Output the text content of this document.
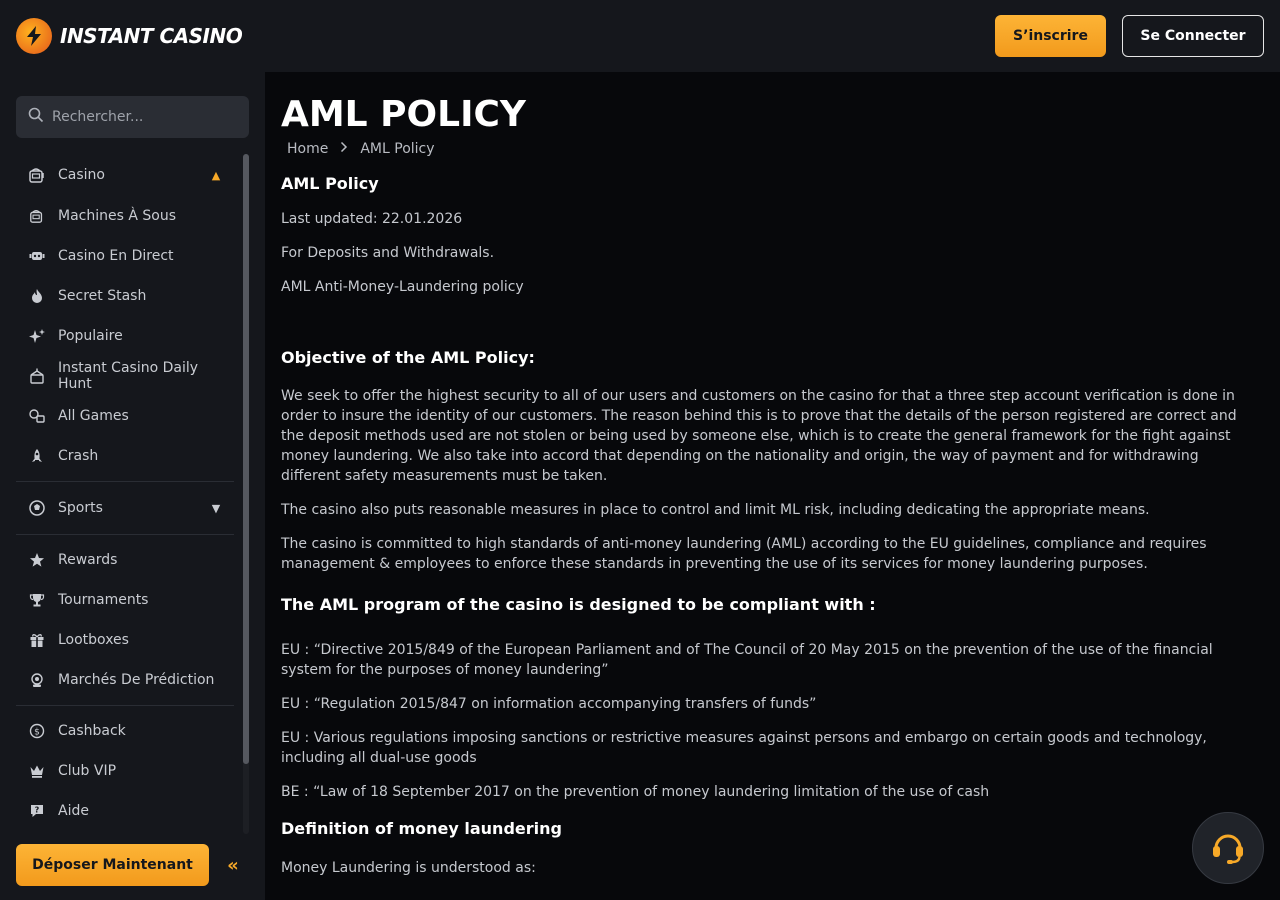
INSTANT CASINO	S’inscrire	Se Connecter
Rechercher...
Casino	▲
Machines À Sous
Casino En Direct
Secret Stash
Populaire
Instant Casino Daily Hunt
All Games
Crash
Sports	▼
Rewards
Tournaments
Lootboxes
Marchés De Prédiction
$ Cashback
Club VIP
? Aide
Déposer Maintenant	«
AML POLICY
Home AML Policy
AML Policy

Last updated: 22.01.2026

For Deposits and Withdrawals.

AML Anti-Money-Laundering policy

Objective of the AML Policy:

We seek to offer the highest security to all of our users and customers on the casino for that a three step account verification is done in order to insure the identity of our customers. The reason behind this is to prove that the details of the person registered are correct and the deposit methods used are not stolen or being used by someone else, which is to create the general framework for the fight against money laundering. We also take into accord that depending on the nationality and origin, the way of payment and for withdrawing different safety measurements must be taken.

The casino also puts reasonable measures in place to control and limit ML risk, including dedicating the appropriate means.

The casino is committed to high standards of anti-money laundering (AML) according to the EU guidelines, compliance and requires management & employees to enforce these standards in preventing the use of its services for money laundering purposes.

The AML program of the casino is designed to be compliant with :

EU : “Directive 2015/849 of the European Parliament and of The Council of 20 May 2015 on the prevention of the use of the financial system for the purposes of money laundering”

EU : “Regulation 2015/847 on information accompanying transfers of funds”

EU : Various regulations imposing sanctions or restrictive measures against persons and embargo on certain goods and technology, including all dual-use goods

BE : “Law of 18 September 2017 on the prevention of money laundering limitation of the use of cash

Definition of money laundering

Money Laundering is understood as:
